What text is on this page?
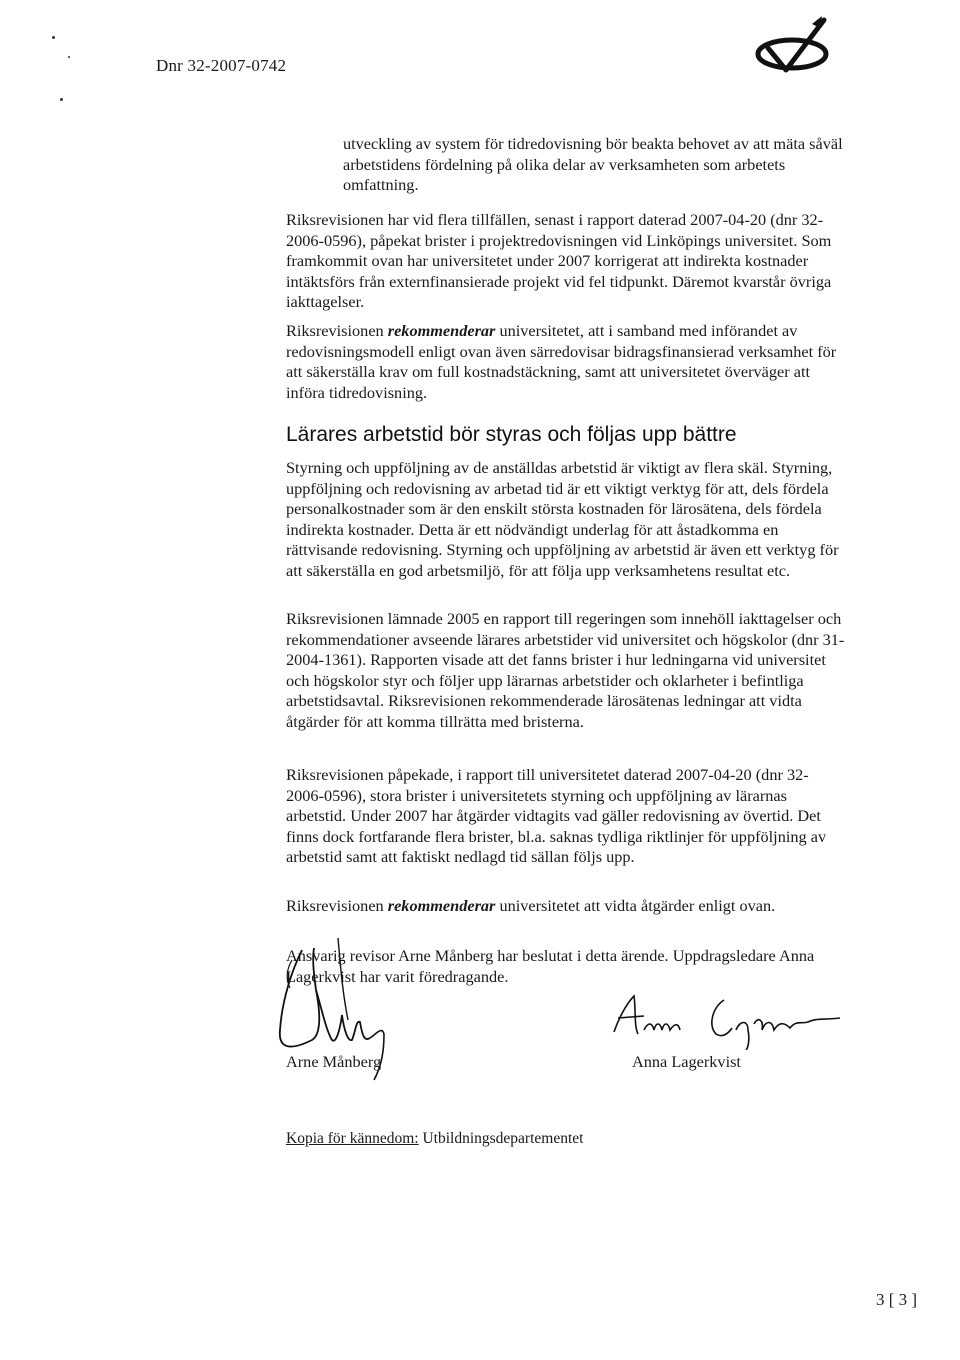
Dnr 32-2007-0742

utveckling av system för tidredovisning bör beakta behovet av att mäta såväl arbetstidens fördelning på olika delar av verksamheten som arbetets omfattning.

Riksrevisionen har vid flera tillfällen, senast i rapport daterad 2007-04-20 (dnr 32-2006-0596), påpekat brister i projektredovisningen vid Linköpings universitet. Som framkommit ovan har universitetet under 2007 korrigerat att indirekta kostnader intäktsförs från externfinansierade projekt vid fel tidpunkt. Däremot kvarstår övriga iakttagelser.

Riksrevisionen rekommenderar universitetet, att i samband med införandet av redovisningsmodell enligt ovan även särredovisar bidragsfinansierad verksamhet för att säkerställa krav om full kostnadstäckning, samt att universitetet överväger att införa tidredovisning.

Lärares arbetstid bör styras och följas upp bättre

Styrning och uppföljning av de anställdas arbetstid är viktigt av flera skäl. Styrning, uppföljning och redovisning av arbetad tid är ett viktigt verktyg för att, dels fördela personalkostnader som är den enskilt största kostnaden för lärosätena, dels fördela indirekta kostnader. Detta är ett nödvändigt underlag för att åstadkomma en rättvisande redovisning. Styrning och uppföljning av arbetstid är även ett verktyg för att säkerställa en god arbetsmiljö, för att följa upp verksamhetens resultat etc.

Riksrevisionen lämnade 2005 en rapport till regeringen som innehöll iakttagelser och rekommendationer avseende lärares arbetstider vid universitet och högskolor (dnr 31-2004-1361). Rapporten visade att det fanns brister i hur ledningarna vid universitet och högskolor styr och följer upp lärarnas arbetstider och oklarheter i befintliga arbetstidsavtal. Riksrevisionen rekommenderade lärosätenas ledningar att vidta åtgärder för att komma tillrätta med bristerna.

Riksrevisionen påpekade, i rapport till universitetet daterad 2007-04-20 (dnr 32-2006-0596), stora brister i universitetets styrning och uppföljning av lärarnas arbetstid. Under 2007 har åtgärder vidtagits vad gäller redovisning av övertid. Det finns dock fortfarande flera brister, bl.a. saknas tydliga riktlinjer för uppföljning av arbetstid samt att faktiskt nedlagd tid sällan följs upp.

Riksrevisionen rekommenderar universitetet att vidta åtgärder enligt ovan.

Ansvarig revisor Arne Månberg har beslutat i detta ärende. Uppdragsledare Anna Lagerkvist har varit föredragande.

Arne Månberg	Anna Lagerkvist
Kopia för kännedom: Utbildningsdepartementet
3 [ 3 ]
